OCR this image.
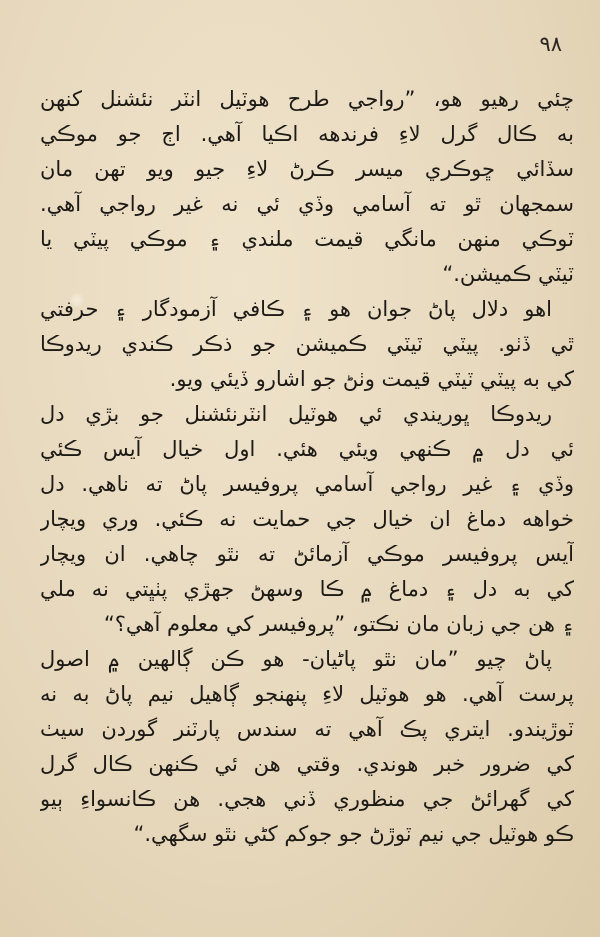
٩٨
چئي رهيو هو، ”رواجي طرح هوٽيل انٽر نئشنل کنهن
به ڪال گرل لاءِ فرندهه اڪيا آهي. اڄ جو موڪي
سڏائي ڇوڪري ميسر ڪرڻ لاءِ جيو ويو تهن مان
سمجهان ٿو ته آسامي وڏي ئي نه غير رواجي آهي.
ٽوڪي منهن مانگي قيمت ملندي ۽ موڪي پيٽي يا
ٽيٽي ڪميشن.“
اهو دلال پاڻ جوان هو ۽ ڪافي آزمودگار ۽ حرفتي
ٿي ڏٺو. پيٽي ٽيٽي ڪميشن جو ذڪر ڪندي ريدوڪا
کي به پيٽي ٽيٽي قيمت وٺڻ جو اشارو ڏيئي ويو.
ريدوڪا ڀوريندي ئي هوٽيل انٽرنئشنل جو بڙي دل
ئي دل ۾ ڪنهي ويئي هئي. اول خيال آيس ڪئي
وڏي ۽ غير رواجي آسامي پروفيسر پاڻ ته ناهي. دل
خواهه دماغ ان خيال جي حمايت نه ڪئي. وري ويچار
آيس پروفيسر موڪي آزمائڻ ته نٿو چاهي. ان ويچار
کي به دل ۽ دماغ ۾ ڪا وسهڻ جهڙي پٺڀتي نه ملي
۽ هن جي زبان مان نڪتو، ”پروفيسر کي معلوم آهي؟“
پاڻ چيو ”مان نٿو پاڻيان- هو ڪن ڳالهين ۾ اصول
پرست آهي. هو هوٽيل لاءِ پنهنجو ڳاهيل نيم پاڻ به نه
ٽوڙيندو. ايتري پڪ آهي ته سندس پارٽنر گوردن سيٺ
کي ضرور خبر هوندي. وقتي هن ئي ڪنهن ڪال گرل
کي گهرائڻ جي منظوري ڏني هجي. هن ڪانسواءِ ٻيو
ڪو هوٽيل جي نيم ٽوڙڻ جو جوکم کڻي نٿو سگهي.“
